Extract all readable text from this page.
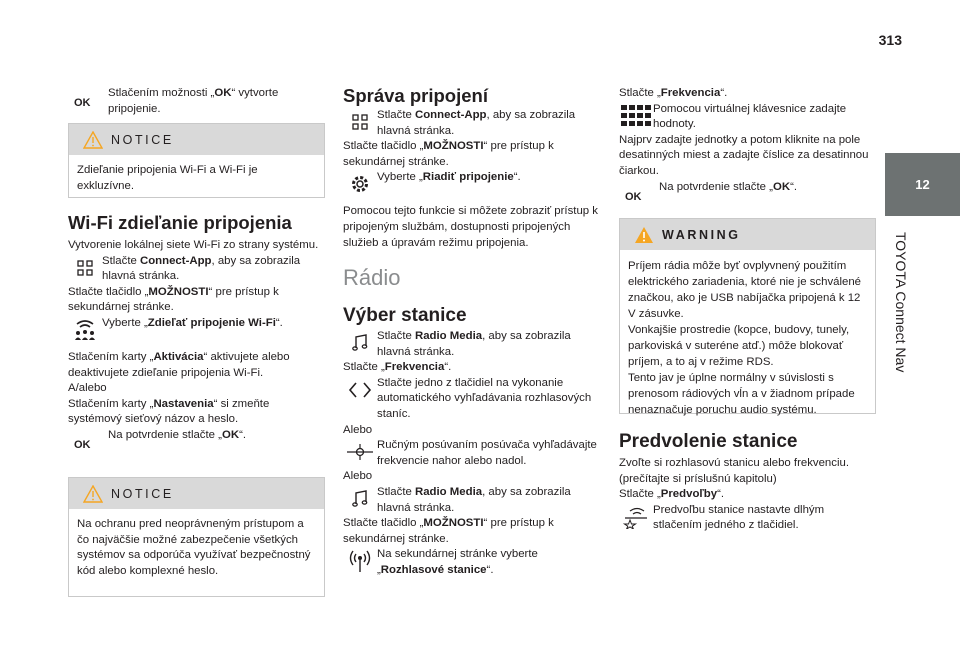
313
12
TOYOTA Connect Nav
OK
Stlačením možnosti „OK“ vytvorte pripojenie.
NOTICE
Zdieľanie pripojenia Wi-Fi a Wi-Fi je exkluzívne.
Wi-Fi zdieľanie pripojenia

Vytvorenie lokálnej siete Wi-Fi zo strany systému.

Stlačte Connect-App, aby sa zobrazila hlavná stránka.

Stlačte tlačidlo „MOŽNOSTI“ pre prístup k sekundárnej stránke.

Vyberte „Zdieľať pripojenie Wi-Fi“.

Stlačením karty „Aktivácia“ aktivujete alebo deaktivujete zdieľanie pripojenia Wi-Fi.

A/alebo

Stlačením karty „Nastavenia“ si zmeňte systémový sieťový názov a heslo.

OK
Na potvrdenie stlačte „OK“.
NOTICE
Na ochranu pred neoprávneným prístupom a čo najväčšie možné zabezpečenie všetkých systémov sa odporúča využívať bezpečnostný kód alebo komplexné heslo.
Správa pripojení
Stlačte Connect-App, aby sa zobrazila hlavná stránka.

Stlačte tlačidlo „MOŽNOSTI“ pre prístup k sekundárnej stránke.

Vyberte „Riadiť pripojenie“.

Pomocou tejto funkcie si môžete zobraziť prístup k pripojeným službám, dostupnosti pripojených služieb a úpravám režimu pripojenia.

Rádio
Výber stanice
Stlačte Radio Media, aby sa zobrazila hlavná stránka.

Stlačte „Frekvencia“.

Stlačte jedno z tlačidiel na vykonanie automatického vyhľadávania rozhlasových staníc.

Alebo

Ručným posúvaním posúvača vyhľadávajte frekvencie nahor alebo nadol.

Alebo

Stlačte Radio Media, aby sa zobrazila hlavná stránka.

Stlačte tlačidlo „MOŽNOSTI“ pre prístup k sekundárnej stránke.

Na sekundárnej stránke vyberte „Rozhlasové stanice“.

Stlačte „Frekvencia“.

Pomocou virtuálnej klávesnice zadajte hodnoty.

Najprv zadajte jednotky a potom kliknite na pole desatinných miest a zadajte číslice za desatinnou čiarkou.

OK
Na potvrdenie stlačte „OK“.
WARNING
Príjem rádia môže byť ovplyvnený použitím elektrického zariadenia, ktoré nie je schválené značkou, ako je USB nabíjačka pripojená k 12 V zásuvke.
Vonkajšie prostredie (kopce, budovy, tunely, parkoviská v suteréne atď.) môže blokovať príjem, a to aj v režime RDS.
Tento jav je úplne normálny v súvislosti s prenosom rádiových vĺn a v žiadnom prípade nenaznačuje poruchu audio systému.
Predvolenie stanice

Zvoľte si rozhlasovú stanicu alebo frekvenciu.

(prečítajte si príslušnú kapitolu)

Stlačte „Predvoľby“.

Predvoľbu stanice nastavte dlhým stlačením jedného z tlačidiel.
